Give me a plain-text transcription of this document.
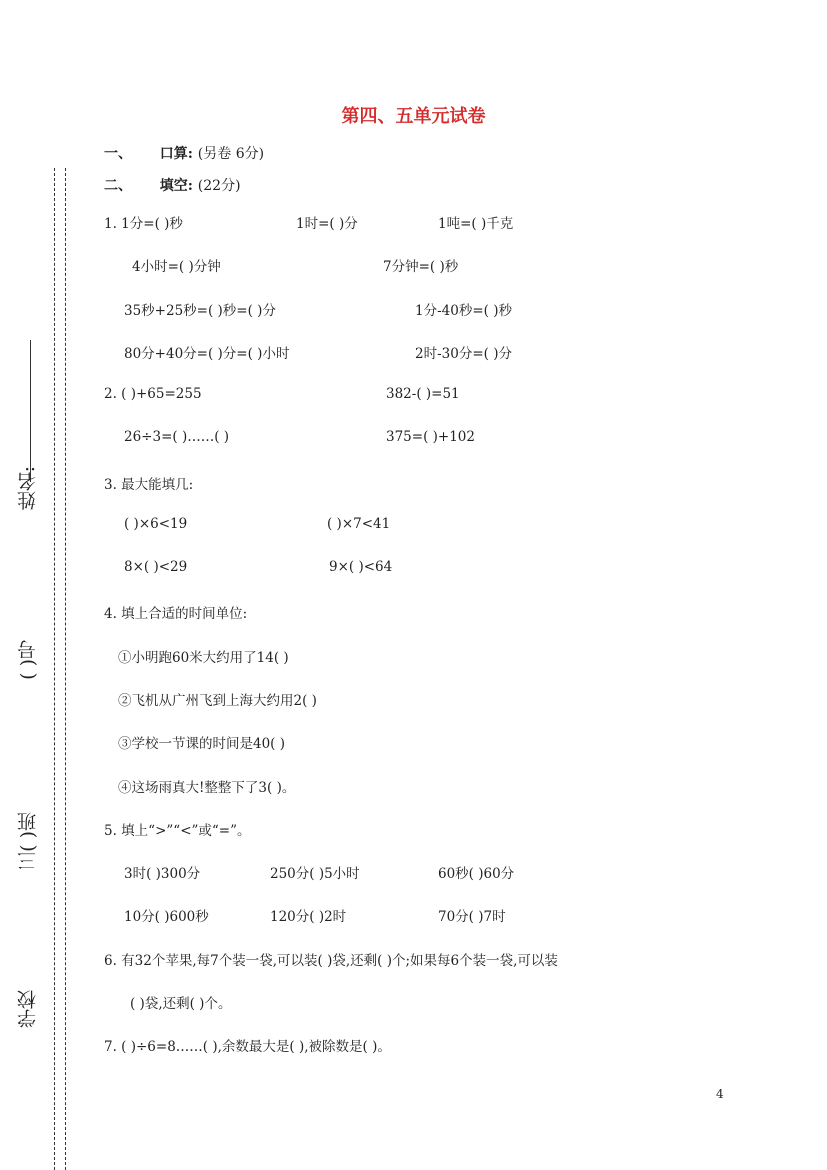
姓名:
( )号
三( )班
学校
第四、五单元试卷
一、 口算: (另卷 6分)
二、 填空: (22分)
1. 1分=( )秒	1时=( )分	1吨=( )千克
4小时=( )分钟	7分钟=( )秒
35秒+25秒=( )秒=( )分	1分-40秒=( )秒
80分+40分=( )分=( )小时	2时-30分=( )分
2. ( )+65=255	382-( )=51
26÷3=( )……( )	375=( )+102
3. 最大能填几:
( )×6<19	( )×7<41
8×( )<29	9×( )<64
4. 填上合适的时间单位:
①小明跑60米大约用了14( )
②飞机从广州飞到上海大约用2( )
③学校一节课的时间是40( )
④这场雨真大!整整下了3( )。
5. 填上“>”“<”或“=”。
3时( )300分	250分( )5小时	60秒( )60分
10分( )600秒	120分( )2时	70分( )7时
6. 有32个苹果,每7个装一袋,可以装( )袋,还剩( )个;如果每6个装一袋,可以装
( )袋,还剩( )个。
7. ( )÷6=8……( ),余数最大是( ),被除数是( )。
4
